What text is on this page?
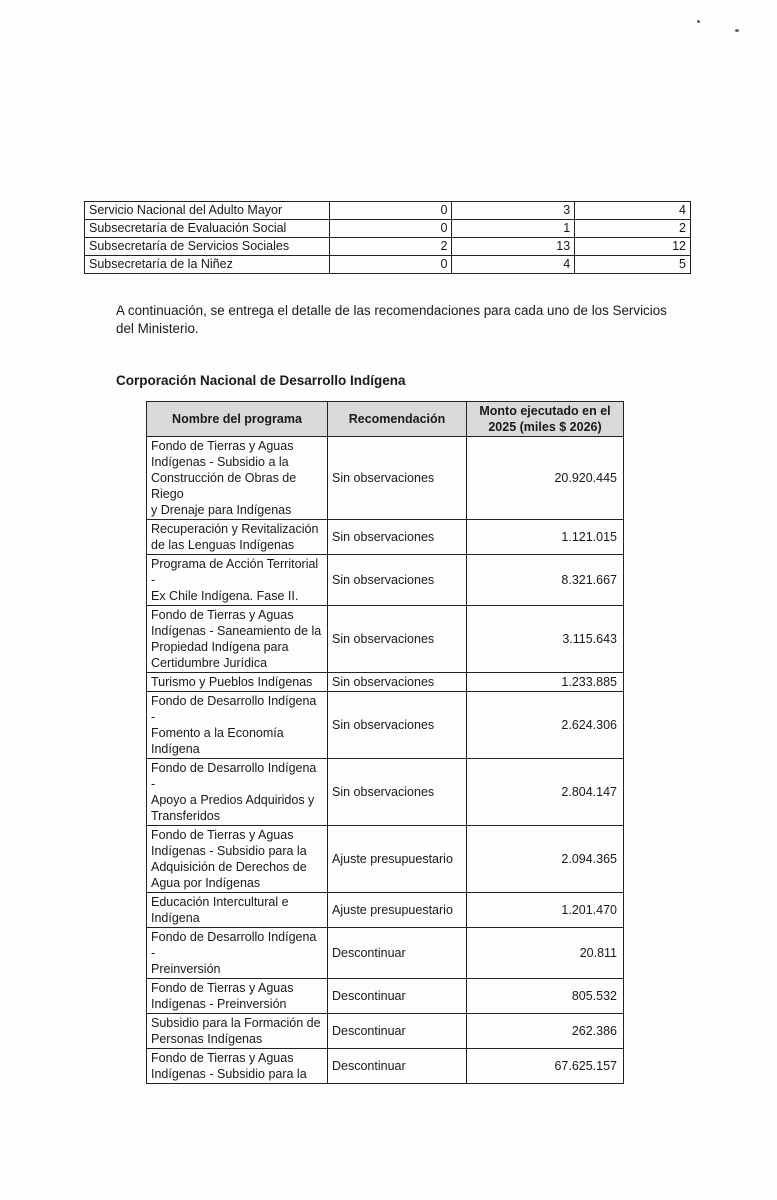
Servicio Nacional del Adulto Mayor	0	3	4
Subsecretaría de Evaluación Social	0	1	2
Subsecretaría de Servicios Sociales	2	13	12
Subsecretaría de la Niñez	0	4	5

A continuación, se entrega el detalle de las recomendaciones para cada uno de los Servicios
del Ministerio.

Corporación Nacional de Desarrollo Indígena
Nombre del programa	Recomendación	Monto ejecutado en el
2025 (miles $ 2026)

Fondo de Tierras y Aguas
Indígenas - Subsidio a la
Construcción de Obras de Riego
y Drenaje para Indígenas	Sin observaciones	20.920.445

Recuperación y Revitalización
de las Lenguas Indígenas	Sin observaciones	1.121.015

Programa de Acción Territorial -
Ex Chile Indígena. Fase II.	Sin observaciones	8.321.667

Fondo de Tierras y Aguas
Indígenas - Saneamiento de la
Propiedad Indígena para
Certidumbre Jurídica	Sin observaciones	3.115.643

Turismo y Pueblos Indígenas	Sin observaciones	1.233.885

Fondo de Desarrollo Indígena -
Fomento a la Economía
Indígena	Sin observaciones	2.624.306

Fondo de Desarrollo Indígena -
Apoyo a Predios Adquiridos y
Transferidos	Sin observaciones	2.804.147

Fondo de Tierras y Aguas
Indígenas - Subsidio para la
Adquisición de Derechos de
Agua por Indígenas	Ajuste presupuestario	2.094.365

Educación Intercultural e
Indígena	Ajuste presupuestario	1.201.470

Fondo de Desarrollo Indígena -
Preinversión	Descontinuar	20.811

Fondo de Tierras y Aguas
Indígenas - Preinversión	Descontinuar	805.532

Subsidio para la Formación de
Personas Indígenas	Descontinuar	262.386

Fondo de Tierras y Aguas
Indígenas - Subsidio para la	Descontinuar	67.625.157
